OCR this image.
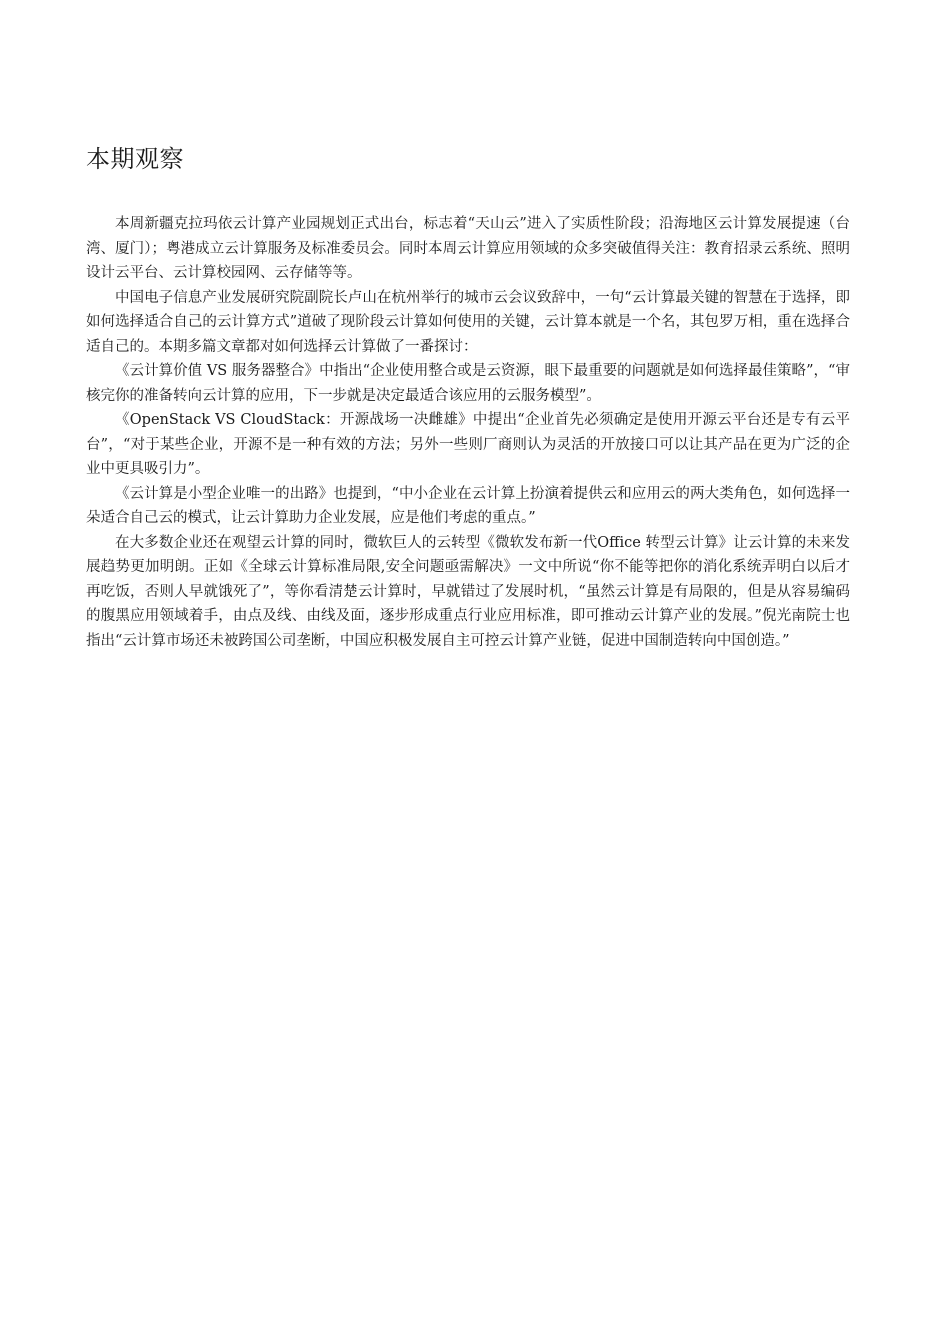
本期观察

本周新疆克拉玛依云计算产业园规划正式出台，标志着“天山云”进入了实质性阶段；沿海地区云计算发展提速（台湾、厦门）；粤港成立云计算服务及标准委员会。同时本周云计算应用领域的众多突破值得关注：教育招录云系统、照明设计云平台、云计算校园网、云存储等等。

中国电子信息产业发展研究院副院长卢山在杭州举行的城市云会议致辞中，一句“云计算最关键的智慧在于选择，即如何选择适合自己的云计算方式”道破了现阶段云计算如何使用的关键，云计算本就是一个名，其包罗万相，重在选择合适自己的。本期多篇文章都对如何选择云计算做了一番探讨：

《云计算价值 VS 服务器整合》中指出“企业使用整合或是云资源，眼下最重要的问题就是如何选择最佳策略”，“审核完你的准备转向云计算的应用，下一步就是决定最适合该应用的云服务模型”。

《OpenStack VS CloudStack：开源战场一决雌雄》中提出“企业首先必须确定是使用开源云平台还是专有云平台”，“对于某些企业，开源不是一种有效的方法；另外一些则厂商则认为灵活的开放接口可以让其产品在更为广泛的企业中更具吸引力”。

《云计算是小型企业唯一的出路》也提到，“中小企业在云计算上扮演着提供云和应用云的两大类角色，如何选择一朵适合自己云的模式，让云计算助力企业发展，应是他们考虑的重点。”

在大多数企业还在观望云计算的同时，微软巨人的云转型《微软发布新一代Office 转型云计算》让云计算的未来发展趋势更加明朗。正如《全球云计算标准局限,安全问题亟需解决》一文中所说“你不能等把你的消化系统弄明白以后才再吃饭，否则人早就饿死了”，等你看清楚云计算时，早就错过了发展时机，“虽然云计算是有局限的，但是从容易编码的腹黑应用领域着手，由点及线、由线及面，逐步形成重点行业应用标准，即可推动云计算产业的发展。”倪光南院士也指出“云计算市场还未被跨国公司垄断，中国应积极发展自主可控云计算产业链，促进中国制造转向中国创造。”
